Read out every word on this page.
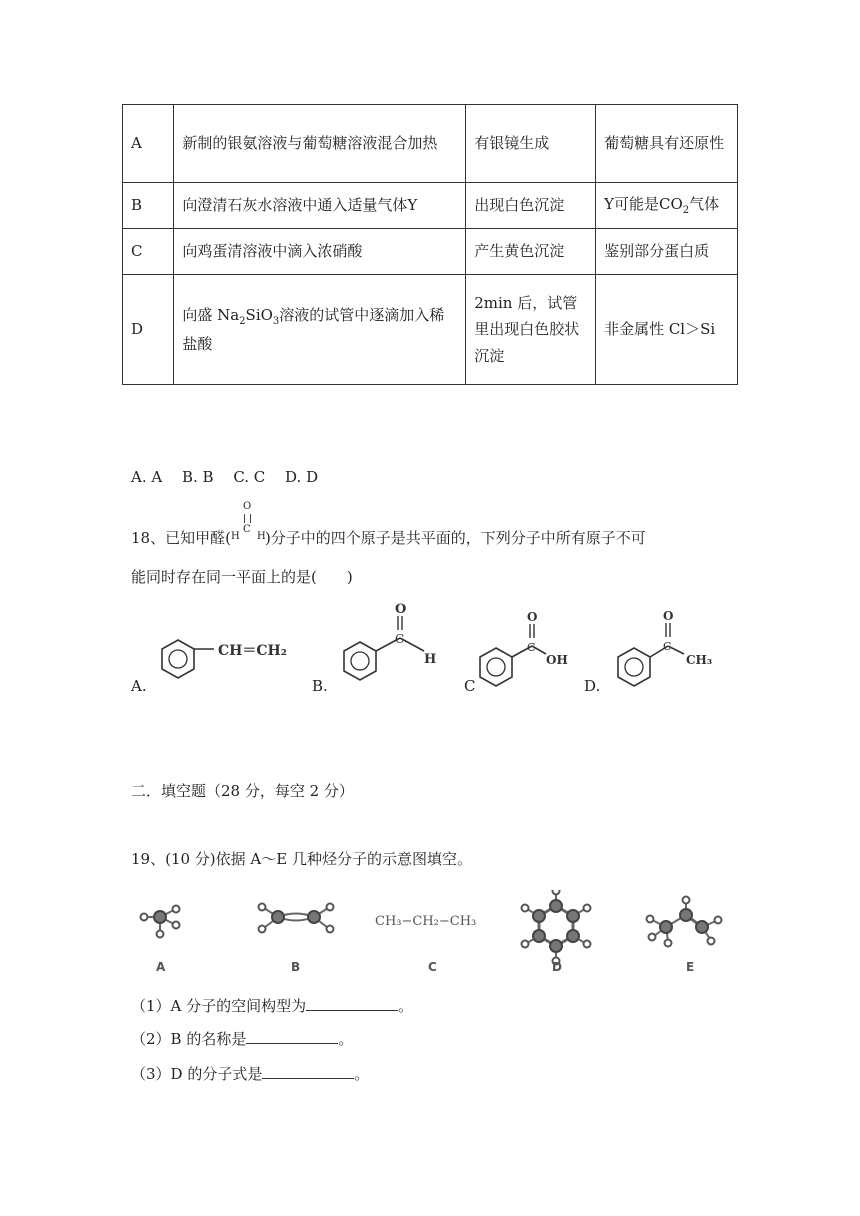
A	新制的银氨溶液与葡萄糖溶液混合加热	有银镜生成	葡萄糖具有还原性
B	向澄清石灰水溶液中通入适量气体Y	出现白色沉淀	Y可能是$CO_2$气体
C	向鸡蛋清溶液中滴入浓硝酸	产生黄色沉淀	鉴别部分蛋白质
D	向盛 $Na_2SiO_3$溶液的试管中逐滴加入稀盐酸	2min 后，试管里出现白色胶状沉淀	非金属性 Cl＞Si
A. A　 B. B　 C. C　 D. D
18、已知甲醛(
O
H
C
H )分子中的四个原子是共平面的，下列分子中所有原子不可
能同时存在同一平面上的是(　　)
A.
CH＝CH₂
B.
O
C
H
C
O
C
OH
D.
O
C
CH₃
二．填空题（28 分，每空 2 分）
19、(10 分)依据 A～E 几种烃分子的示意图填空。
CH₃−CH₂−CH₃
A	B	C	D	E
（1）A 分子的空间构型为	。
（2）B 的名称是	。
（3）D 的分子式是	。
